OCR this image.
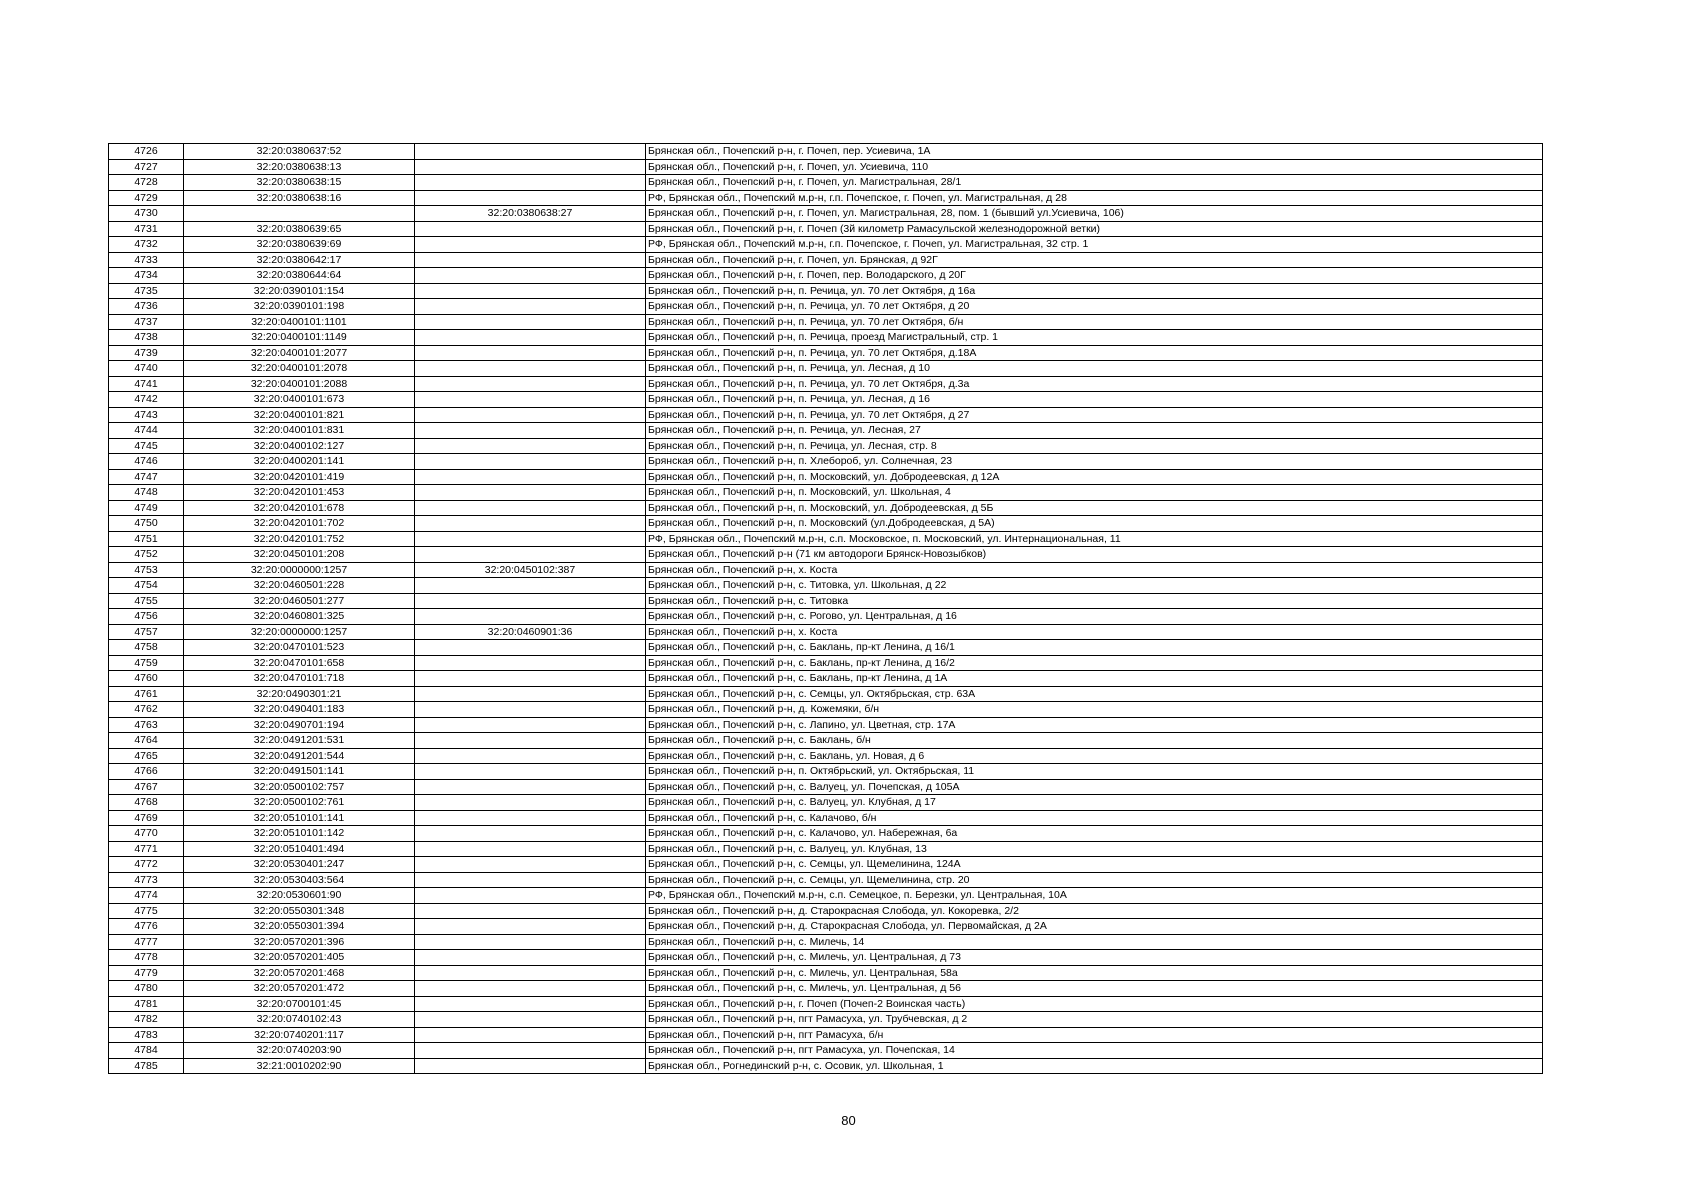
4726	32:20:0380637:52		Брянская обл., Почепский р-н, г. Почеп, пер. Усиевича, 1А
4727	32:20:0380638:13		Брянская обл., Почепский р-н, г. Почеп, ул. Усиевича, 110
4728	32:20:0380638:15		Брянская обл., Почепский р-н, г. Почеп, ул. Магистральная, 28/1
4729	32:20:0380638:16		РФ, Брянская обл., Почепский м.р-н, г.п. Почепское, г. Почеп, ул. Магистральная, д 28
4730		32:20:0380638:27	Брянская обл., Почепский р-н, г. Почеп, ул. Магистральная, 28, пом. 1 (бывший ул.Усиевича, 106)
4731	32:20:0380639:65		Брянская обл., Почепский р-н, г. Почеп (3й километр Рамасульской железнодорожной ветки)
4732	32:20:0380639:69		РФ, Брянская обл., Почепский м.р-н, г.п. Почепское, г. Почеп, ул. Магистральная, 32 стр. 1
4733	32:20:0380642:17		Брянская обл., Почепский р-н, г. Почеп, ул. Брянская, д 92Г
4734	32:20:0380644:64		Брянская обл., Почепский р-н, г. Почеп, пер. Володарского, д 20Г
4735	32:20:0390101:154		Брянская обл., Почепский р-н, п. Речица, ул. 70 лет Октября, д 16а
4736	32:20:0390101:198		Брянская обл., Почепский р-н, п. Речица, ул. 70 лет Октября, д 20
4737	32:20:0400101:1101		Брянская обл., Почепский р-н, п. Речица, ул. 70 лет Октября, б/н
4738	32:20:0400101:1149		Брянская обл., Почепский р-н, п. Речица, проезд Магистральный, стр. 1
4739	32:20:0400101:2077		Брянская обл., Почепский р-н, п. Речица, ул. 70 лет Октября, д.18А
4740	32:20:0400101:2078		Брянская обл., Почепский р-н, п. Речица, ул. Лесная, д 10
4741	32:20:0400101:2088		Брянская обл., Почепский р-н, п. Речица, ул. 70 лет Октября, д.3а
4742	32:20:0400101:673		Брянская обл., Почепский р-н, п. Речица, ул. Лесная, д 16
4743	32:20:0400101:821		Брянская обл., Почепский р-н, п. Речица, ул. 70 лет Октября, д 27
4744	32:20:0400101:831		Брянская обл., Почепский р-н, п. Речица, ул. Лесная, 27
4745	32:20:0400102:127		Брянская обл., Почепский р-н, п. Речица, ул. Лесная, стр. 8
4746	32:20:0400201:141		Брянская обл., Почепский р-н, п. Хлебороб, ул. Солнечная, 23
4747	32:20:0420101:419		Брянская обл., Почепский р-н, п. Московский, ул. Добродеевская, д 12А
4748	32:20:0420101:453		Брянская обл., Почепский р-н, п. Московский, ул. Школьная, 4
4749	32:20:0420101:678		Брянская обл., Почепский р-н, п. Московский, ул. Добродеевская, д 5Б
4750	32:20:0420101:702		Брянская обл., Почепский р-н, п. Московский (ул.Добродеевская, д 5А)
4751	32:20:0420101:752		РФ, Брянская обл., Почепский м.р-н, с.п. Московское, п. Московский, ул. Интернациональная, 11
4752	32:20:0450101:208		Брянская обл., Почепский р-н (71 км автодороги Брянск-Новозыбков)
4753	32:20:0000000:1257	32:20:0450102:387	Брянская обл., Почепский р-н, х. Коста
4754	32:20:0460501:228		Брянская обл., Почепский р-н, с. Титовка, ул. Школьная, д 22
4755	32:20:0460501:277		Брянская обл., Почепский р-н, с. Титовка
4756	32:20:0460801:325		Брянская обл., Почепский р-н, с. Рогово, ул. Центральная, д 16
4757	32:20:0000000:1257	32:20:0460901:36	Брянская обл., Почепский р-н, х. Коста
4758	32:20:0470101:523		Брянская обл., Почепский р-н, с. Баклань, пр-кт Ленина, д 16/1
4759	32:20:0470101:658		Брянская обл., Почепский р-н, с. Баклань, пр-кт Ленина, д 16/2
4760	32:20:0470101:718		Брянская обл., Почепский р-н, с. Баклань, пр-кт Ленина, д 1А
4761	32:20:0490301:21		Брянская обл., Почепский р-н, с. Семцы, ул. Октябрьская, стр. 63А
4762	32:20:0490401:183		Брянская обл., Почепский р-н, д. Кожемяки, б/н
4763	32:20:0490701:194		Брянская обл., Почепский р-н, с. Лапино, ул. Цветная, стр. 17А
4764	32:20:0491201:531		Брянская обл., Почепский р-н, с. Баклань, б/н
4765	32:20:0491201:544		Брянская обл., Почепский р-н, с. Баклань, ул. Новая, д 6
4766	32:20:0491501:141		Брянская обл., Почепский р-н, п. Октябрьский, ул. Октябрьская, 11
4767	32:20:0500102:757		Брянская обл., Почепский р-н, с. Валуец, ул. Почепская, д 105А
4768	32:20:0500102:761		Брянская обл., Почепский р-н, с. Валуец, ул. Клубная, д 17
4769	32:20:0510101:141		Брянская обл., Почепский р-н, с. Калачово, б/н
4770	32:20:0510101:142		Брянская обл., Почепский р-н, с. Калачово, ул. Набережная, 6а
4771	32:20:0510401:494		Брянская обл., Почепский р-н, с. Валуец, ул. Клубная, 13
4772	32:20:0530401:247		Брянская обл., Почепский р-н, с. Семцы, ул. Щемелинина, 124А
4773	32:20:0530403:564		Брянская обл., Почепский р-н, с. Семцы, ул. Щемелинина, стр. 20
4774	32:20:0530601:90		РФ, Брянская обл., Почепский м.р-н, с.п. Семецкое, п. Березки, ул. Центральная, 10А
4775	32:20:0550301:348		Брянская обл., Почепский р-н, д. Старокрасная Слобода, ул. Кокоревка, 2/2
4776	32:20:0550301:394		Брянская обл., Почепский р-н, д. Старокрасная Слобода, ул. Первомайская, д 2А
4777	32:20:0570201:396		Брянская обл., Почепский р-н, с. Милечь, 14
4778	32:20:0570201:405		Брянская обл., Почепский р-н, с. Милечь, ул. Центральная, д 73
4779	32:20:0570201:468		Брянская обл., Почепский р-н, с. Милечь, ул. Центральная, 58а
4780	32:20:0570201:472		Брянская обл., Почепский р-н, с. Милечь, ул. Центральная, д 56
4781	32:20:0700101:45		Брянская обл., Почепский р-н, г. Почеп (Почеп-2 Воинская часть)
4782	32:20:0740102:43		Брянская обл., Почепский р-н, пгт Рамасуха, ул. Трубчевская, д 2
4783	32:20:0740201:117		Брянская обл., Почепский р-н, пгт Рамасуха, б/н
4784	32:20:0740203:90		Брянская обл., Почепский р-н, пгт Рамасуха, ул. Почепская, 14
4785	32:21:0010202:90		Брянская обл., Рогнединский р-н, с. Осовик, ул. Школьная, 1
80
